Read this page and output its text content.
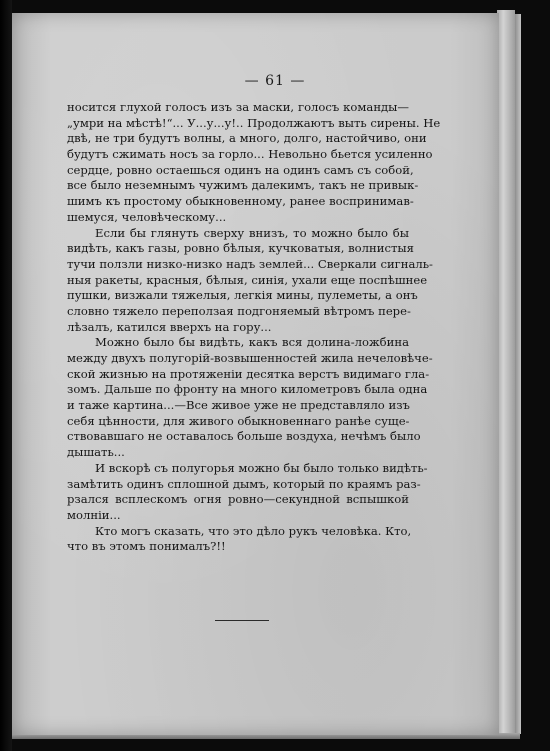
— 61 —
носится глухой голосъ изъ за маски, голосъ команды—
„умри на мѣстѣ!“... У...у...у!.. Продолжаютъ выть сирены. Не
двѣ, не три будутъ волны, а много, долго, настойчиво, они
будутъ сжимать носъ за горло... Невольно бьется усиленно
сердце, ровно остаешься одинъ на одинъ самъ съ собой,
все было неземнымъ чужимъ далекимъ, такъ не привык-
шимъ къ простому обыкновенному, ранее воспринимав-
шемуся, человѣческому...
Если бы глянуть сверху внизъ, то можно было бы
видѣть, какъ газы, ровно бѣлыя, кучковатыя, волнистыя
тучи ползли низко-низко надъ землей... Сверкали сигналь-
ныя ракеты, красныя, бѣлыя, синія, ухали еще поспѣшнее
пушки, визжали тяжелыя, легкія мины, пулеметы, а онъ
словно тяжело переползая подгоняемый вѣтромъ пере-
лѣзалъ, катился вверхъ на гору...
Можно было бы видѣть, какъ вся долина-ложбина
между двухъ полугорій-возвышенностей жила нечеловѣче-
ской жизнью на протяженіи десятка верстъ видимаго гла-
зомъ. Дальше по фронту на много километровъ была одна
и таже картина...—Все живое уже не представляло изъ
себя цѣнности, для живого обыкновеннаго ранѣе суще-
ствовавшаго не оставалось больше воздуха, нечѣмъ было
дышать...
И вскорѣ съ полугорья можно бы было только видѣть-
замѣтить одинъ сплошной дымъ, который по краямъ раз-
рзался всплескомъ огня ровно—секундной вспышкой
молніи...
Кто могъ сказать, что это дѣло рукъ человѣка. Кто,
что въ этомъ понималъ?!!
